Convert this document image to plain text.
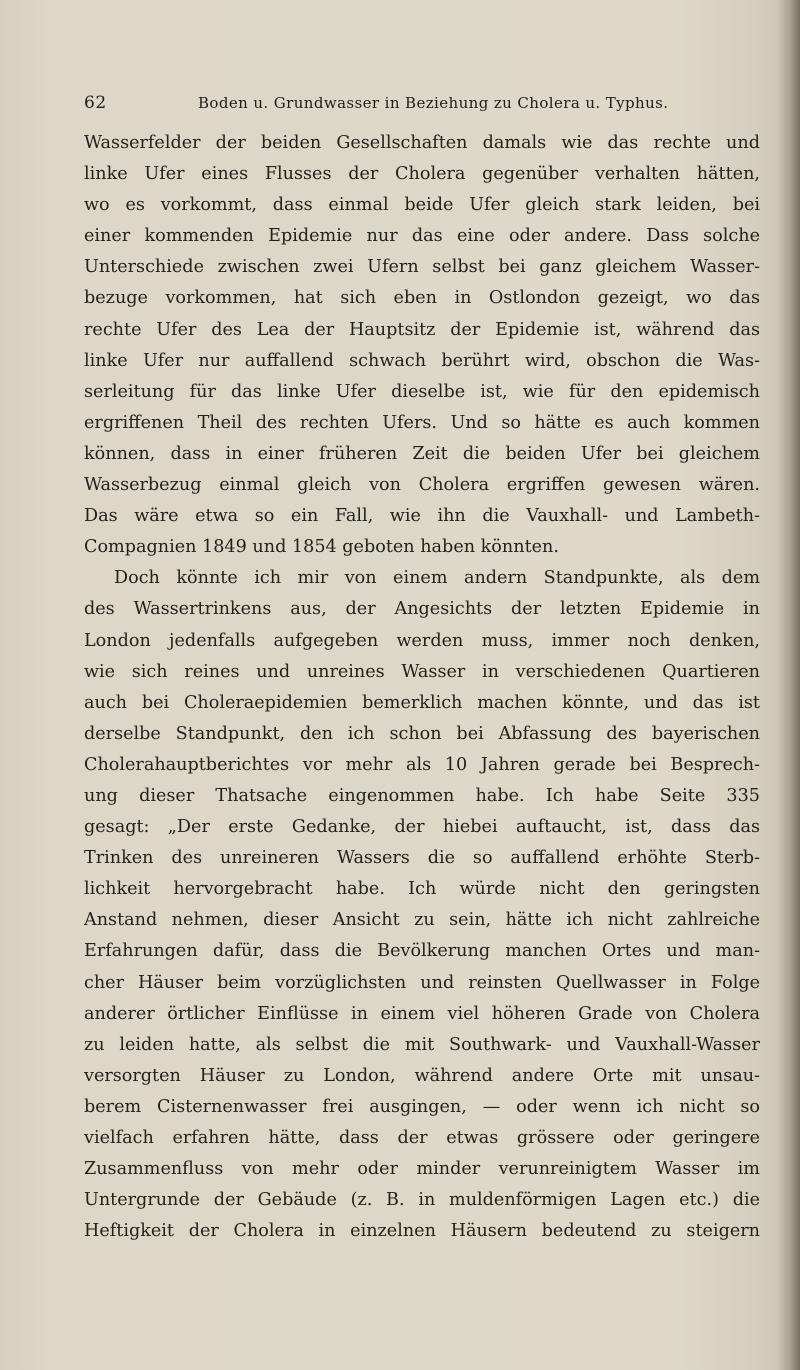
62	Boden u. Grundwasser in Beziehung zu Cholera u. Typhus.
Wasserfelder der beiden Gesellschaften damals wie das rechte und
linke Ufer eines Flusses der Cholera gegenüber verhalten hätten,
wo es vorkommt, dass einmal beide Ufer gleich stark leiden, bei
einer kommenden Epidemie nur das eine oder andere. Dass solche
Unterschiede zwischen zwei Ufern selbst bei ganz gleichem Wasser-
bezuge vorkommen, hat sich eben in Ostlondon gezeigt, wo das
rechte Ufer des Lea der Hauptsitz der Epidemie ist, während das
linke Ufer nur auffallend schwach berührt wird, obschon die Was-
serleitung für das linke Ufer dieselbe ist, wie für den epidemisch
ergriffenen Theil des rechten Ufers. Und so hätte es auch kommen
können, dass in einer früheren Zeit die beiden Ufer bei gleichem
Wasserbezug einmal gleich von Cholera ergriffen gewesen wären.
Das wäre etwa so ein Fall, wie ihn die Vauxhall- und Lambeth-
Compagnien 1849 und 1854 geboten haben könnten.
Doch könnte ich mir von einem andern Standpunkte, als dem
des Wassertrinkens aus, der Angesichts der letzten Epidemie in
London jedenfalls aufgegeben werden muss, immer noch denken,
wie sich reines und unreines Wasser in verschiedenen Quartieren
auch bei Choleraepidemien bemerklich machen könnte, und das ist
derselbe Standpunkt, den ich schon bei Abfassung des bayerischen
Cholerahauptberichtes vor mehr als 10 Jahren gerade bei Besprech-
ung dieser Thatsache eingenommen habe. Ich habe Seite 335
gesagt: „Der erste Gedanke, der hiebei auftaucht, ist, dass das
Trinken des unreineren Wassers die so auffallend erhöhte Sterb-
lichkeit hervorgebracht habe. Ich würde nicht den geringsten
Anstand nehmen, dieser Ansicht zu sein, hätte ich nicht zahlreiche
Erfahrungen dafür, dass die Bevölkerung manchen Ortes und man-
cher Häuser beim vorzüglichsten und reinsten Quellwasser in Folge
anderer örtlicher Einflüsse in einem viel höheren Grade von Cholera
zu leiden hatte, als selbst die mit Southwark- und Vauxhall-Wasser
versorgten Häuser zu London, während andere Orte mit unsau-
berem Cisternenwasser frei ausgingen, — oder wenn ich nicht so
vielfach erfahren hätte, dass der etwas grössere oder geringere
Zusammenfluss von mehr oder minder verunreinigtem Wasser im
Untergrunde der Gebäude (z. B. in muldenförmigen Lagen etc.) die
Heftigkeit der Cholera in einzelnen Häusern bedeutend zu steigern
